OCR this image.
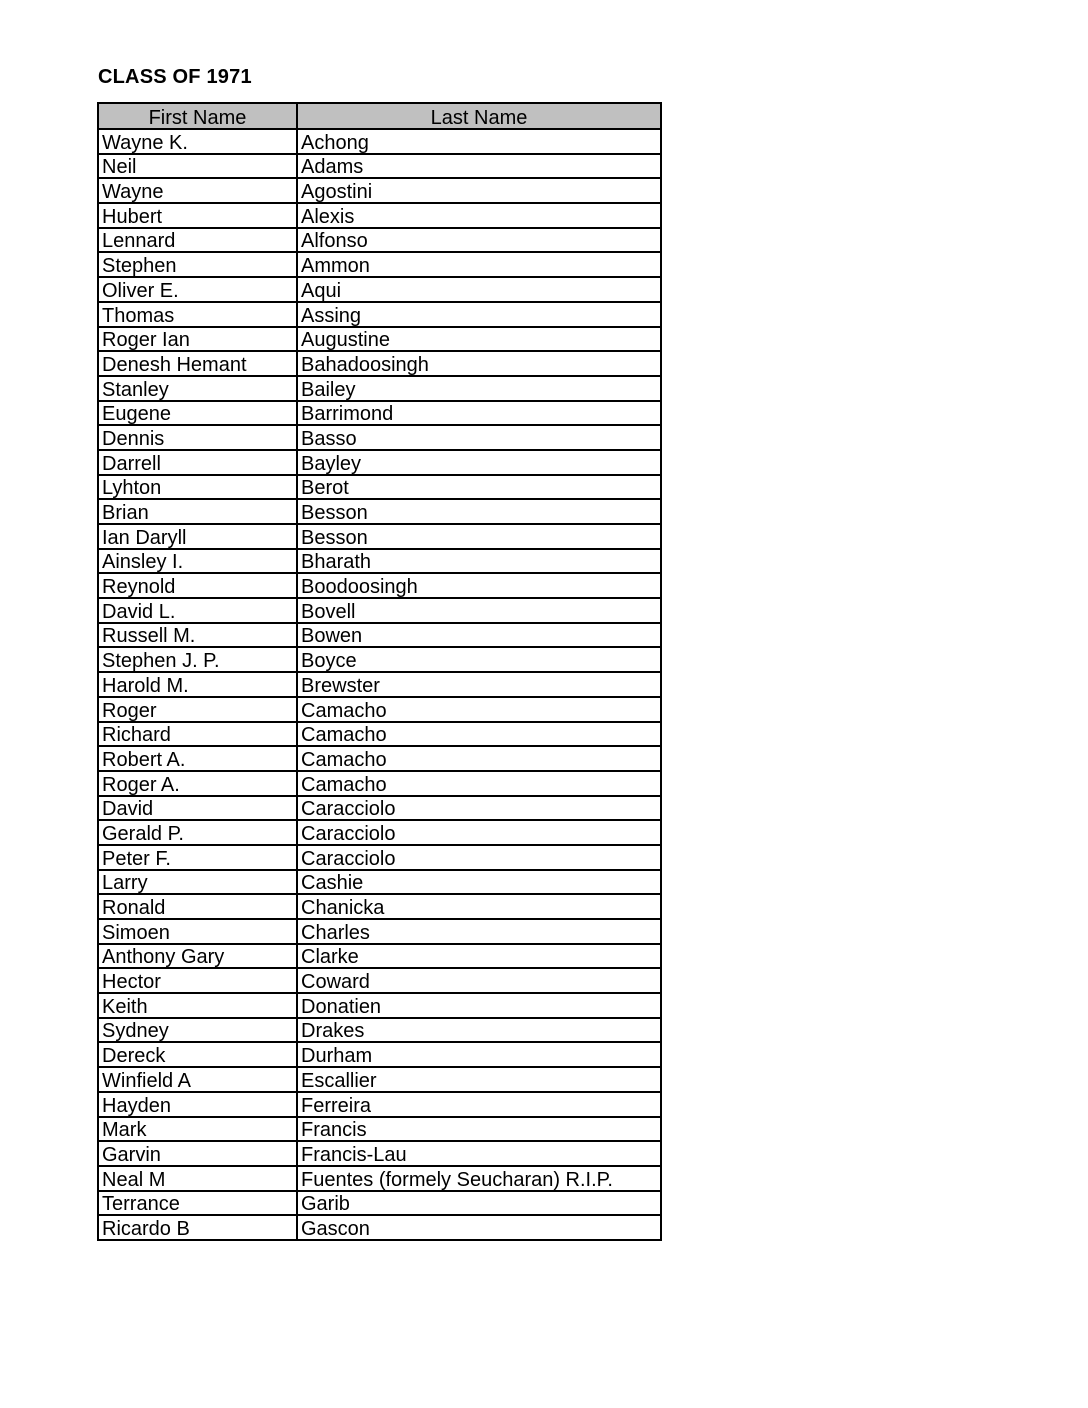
CLASS OF 1971
First Name	Last Name
Wayne K.	Achong
Neil	Adams
Wayne	Agostini
Hubert	Alexis
Lennard	Alfonso
Stephen	Ammon
Oliver E.	Aqui
Thomas	Assing
Roger Ian	Augustine
Denesh Hemant	Bahadoosingh
Stanley	Bailey
Eugene	Barrimond
Dennis	Basso
Darrell	Bayley
Lyhton	Berot
Brian	Besson
Ian Daryll	Besson
Ainsley I.	Bharath
Reynold	Boodoosingh
David L.	Bovell
Russell M.	Bowen
Stephen J. P.	Boyce
Harold M.	Brewster
Roger	Camacho
Richard	Camacho
Robert A.	Camacho
Roger A.	Camacho
David	Caracciolo
Gerald P.	Caracciolo
Peter F.	Caracciolo
Larry	Cashie
Ronald	Chanicka
Simoen	Charles
Anthony Gary	Clarke
Hector	Coward
Keith	Donatien
Sydney	Drakes
Dereck	Durham
Winfield A	Escallier
Hayden	Ferreira
Mark	Francis
Garvin	Francis-Lau
Neal M	Fuentes (formely Seucharan) R.I.P.
Terrance	Garib
Ricardo B	Gascon
